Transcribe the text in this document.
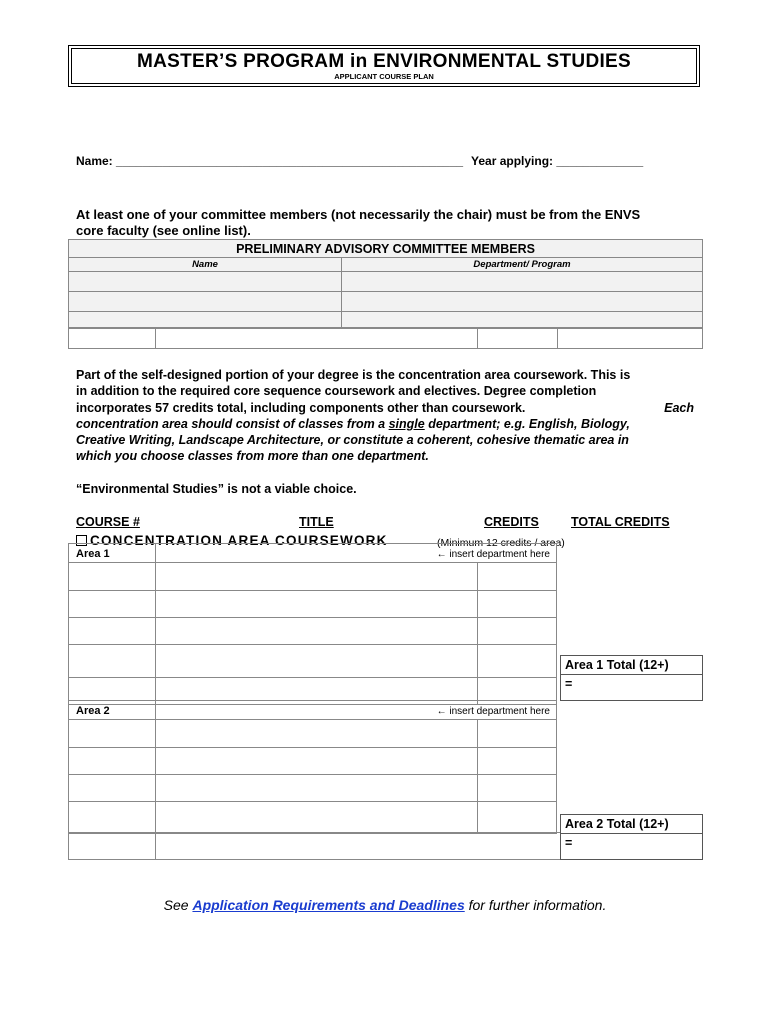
MASTER’S PROGRAM in ENVIRONMENTAL STUDIES
APPLICANT COURSE PLAN
Name: ____________________________________________________ Year applying: _____________
At least one of your committee members (not necessarily the chair) must be from the ENVS
core faculty (see online list).
PRELIMINARY ADVISORY COMMITTEE MEMBERS	
Name	Department/ Program

Part of the self-designed portion of your degree is the concentration area coursework. This is

in addition to the required core sequence coursework and electives. Degree completion

incorporates 57 credits total, including components other than coursework.	Each

concentration area should consist of classes from a single department; e.g. English, Biology,

Creative Writing, Landscape Architecture, or constitute a coherent, cohesive thematic area in

which you choose classes from more than one department.

“Environmental Studies” is not a viable choice.
COURSE #	TITLE	CREDITS	TOTAL CREDITS
CONCENTRATION AREA COURSEWORK	(Minimum 12 credits / area)
Area 1	← insert department here	

Area 1 Total (12+)
=
Area 2	← insert department here	

Area 2 Total (12+)
=
See Application Requirements and Deadlines for further information.
